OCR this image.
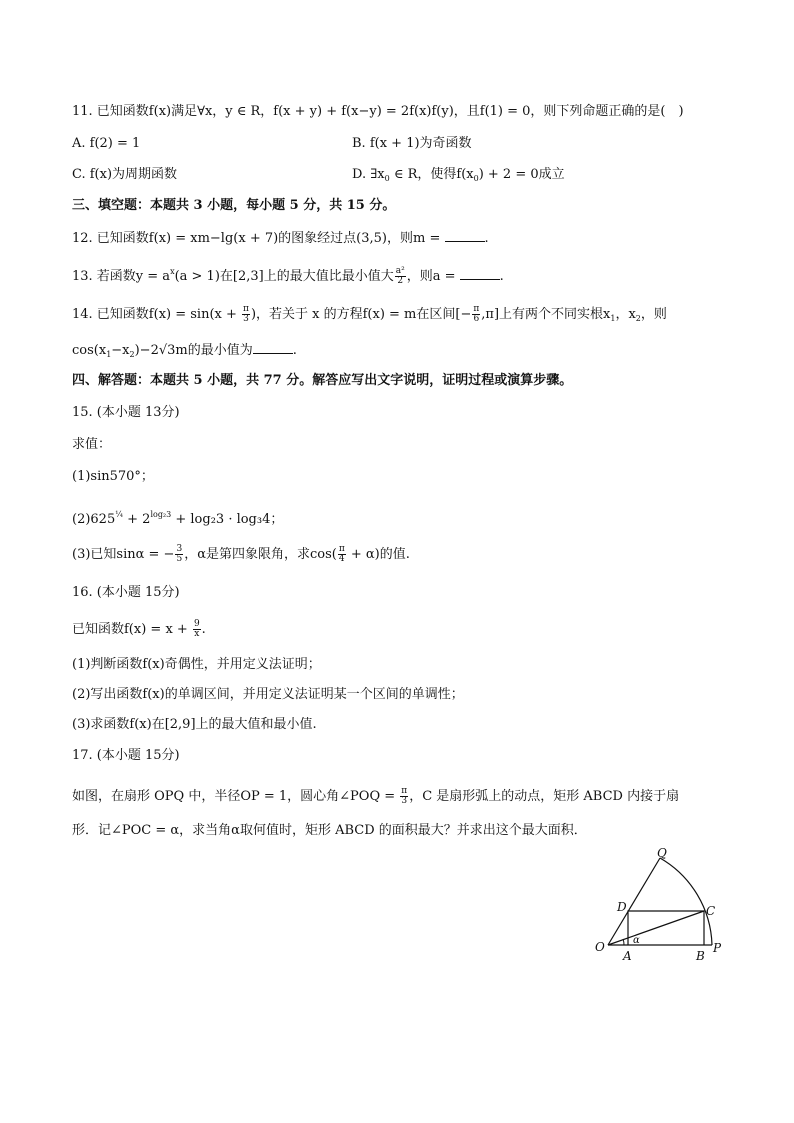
11. 已知函数f(x)满足∀x，y ∈ R，f(x + y) + f(x−y) = 2f(x)f(y)，且f(1) = 0，则下列命题正确的是(　)
A. f(2) = 1	B. f(x + 1)为奇函数
C. f(x)为周期函数	D. $\exists x_0$ ∈ R，使得$f(x_0) + 2 = 0$成立
三、填空题：本题共 3 小题，每小题 5 分，共 15 分。
12. 已知函数f(x) = xm−lg(x + 7)的图象经过点(3,5)，则m =	.
13. 若函数$y = a^x(a > 1)$在[2,3]上的最大值比最小值大 $\frac{\text{a²}}{2}$ ，则a =	.
14. 已知函数$f(x) = \sin(x + \frac{\pi}{3}$ )，若关于 x 的方程f(x) = m在区间[− $\frac{\pi}{6} ,\pi$]上有两个不同实根$x_1$，$x_2$，则
$\cos(x_1-x_2)-2√3m$的最小值为	.
四、解答题：本题共 5 小题，共 77 分。解答应写出文字说明，证明过程或演算步骤。
15. (本小题 13分)
求值：
(1)sin570°；
$(2)625^{\frac{1}{4}} + 2^{log_23} + \log_23 \cdot \log_34$；
(3)已知sinα = − $\frac{3}{5}$ ，α是第四象限角，求$\cos( \frac{\pi}{4} + \alpha)$的值.
16. (本小题 15分)
已知函数$f(x) = x + \frac{9}{x}$ .
(1)判断函数f(x)奇偶性，并用定义法证明；
(2)写出函数f(x)的单调区间，并用定义法证明某一个区间的单调性；
(3)求函数f(x)在[2,9]上的最大值和最小值.
17. (本小题 15分)
如图，在扇形 OPQ 中，半径OP = 1，圆心角∠POQ = $\frac{\pi}{3}$ ，C 是扇形弧上的动点，矩形 ABCD 内接于扇
形．记∠POC = α，求当角α取何值时，矩形 ABCD 的面积最大？并求出这个最大面积．
O
A	B
P
C
D
Q
α
